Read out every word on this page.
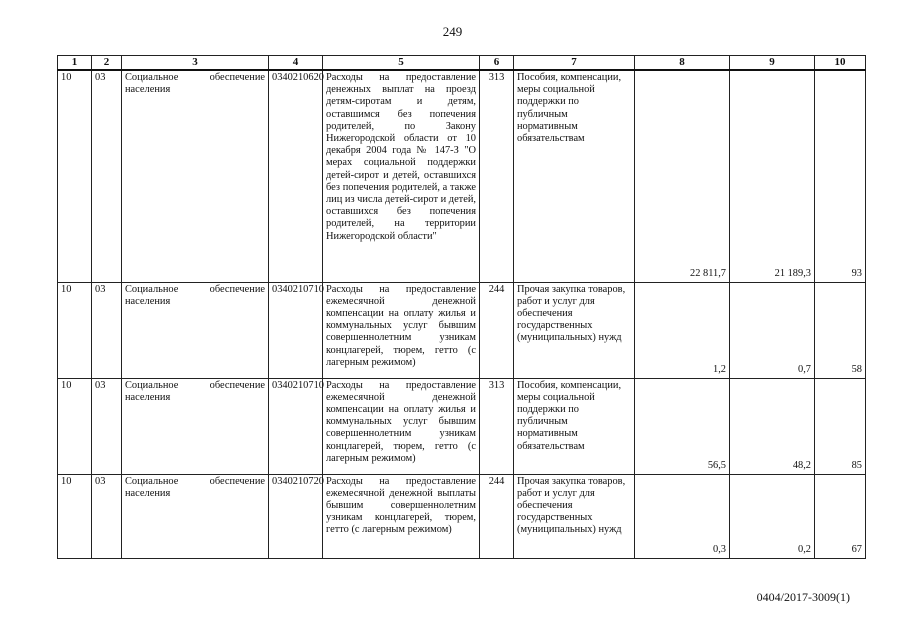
249
1	2	3	4	5	6	7	8	9	10
10	03	Социальное обеспечение населения	0340210620	Расходы на предоставление денежных выплат на проезд детям-сиротам и детям, оставшимся без попечения родителей, по Закону Нижегородской области от 10 декабря 2004 года № 147-З "О мерах социальной поддержки детей-сирот и детей, оставшихся без попечения родителей, а также лиц из числа детей-сирот и детей, оставшихся без попечения родителей, на территории Нижегородской области"	313	Пособия, компенсации, меры социальной поддержки по публичным нормативным обязательствам	22 811,7	21 189,3	93
10	03	Социальное обеспечение населения	0340210710	Расходы на предоставление ежемесячной денежной компенсации на оплату жилья и коммунальных услуг бывшим совершеннолетним узникам концлагерей, тюрем, гетто (с лагерным режимом)	244	Прочая закупка товаров, работ и услуг для обеспечения государственных (муниципальных) нужд	1,2	0,7	58
10	03	Социальное обеспечение населения	0340210710	Расходы на предоставление ежемесячной денежной компенсации на оплату жилья и коммунальных услуг бывшим совершеннолетним узникам концлагерей, тюрем, гетто (с лагерным режимом)	313	Пособия, компенсации, меры социальной поддержки по публичным нормативным обязательствам	56,5	48,2	85
10	03	Социальное обеспечение населения	0340210720	Расходы на предоставление ежемесячной денежной выплаты бывшим совершеннолетним узникам концлагерей, тюрем, гетто (с лагерным режимом)	244	Прочая закупка товаров, работ и услуг для обеспечения государственных (муниципальных) нужд	0,3	0,2	67
0404/2017-3009(1)
